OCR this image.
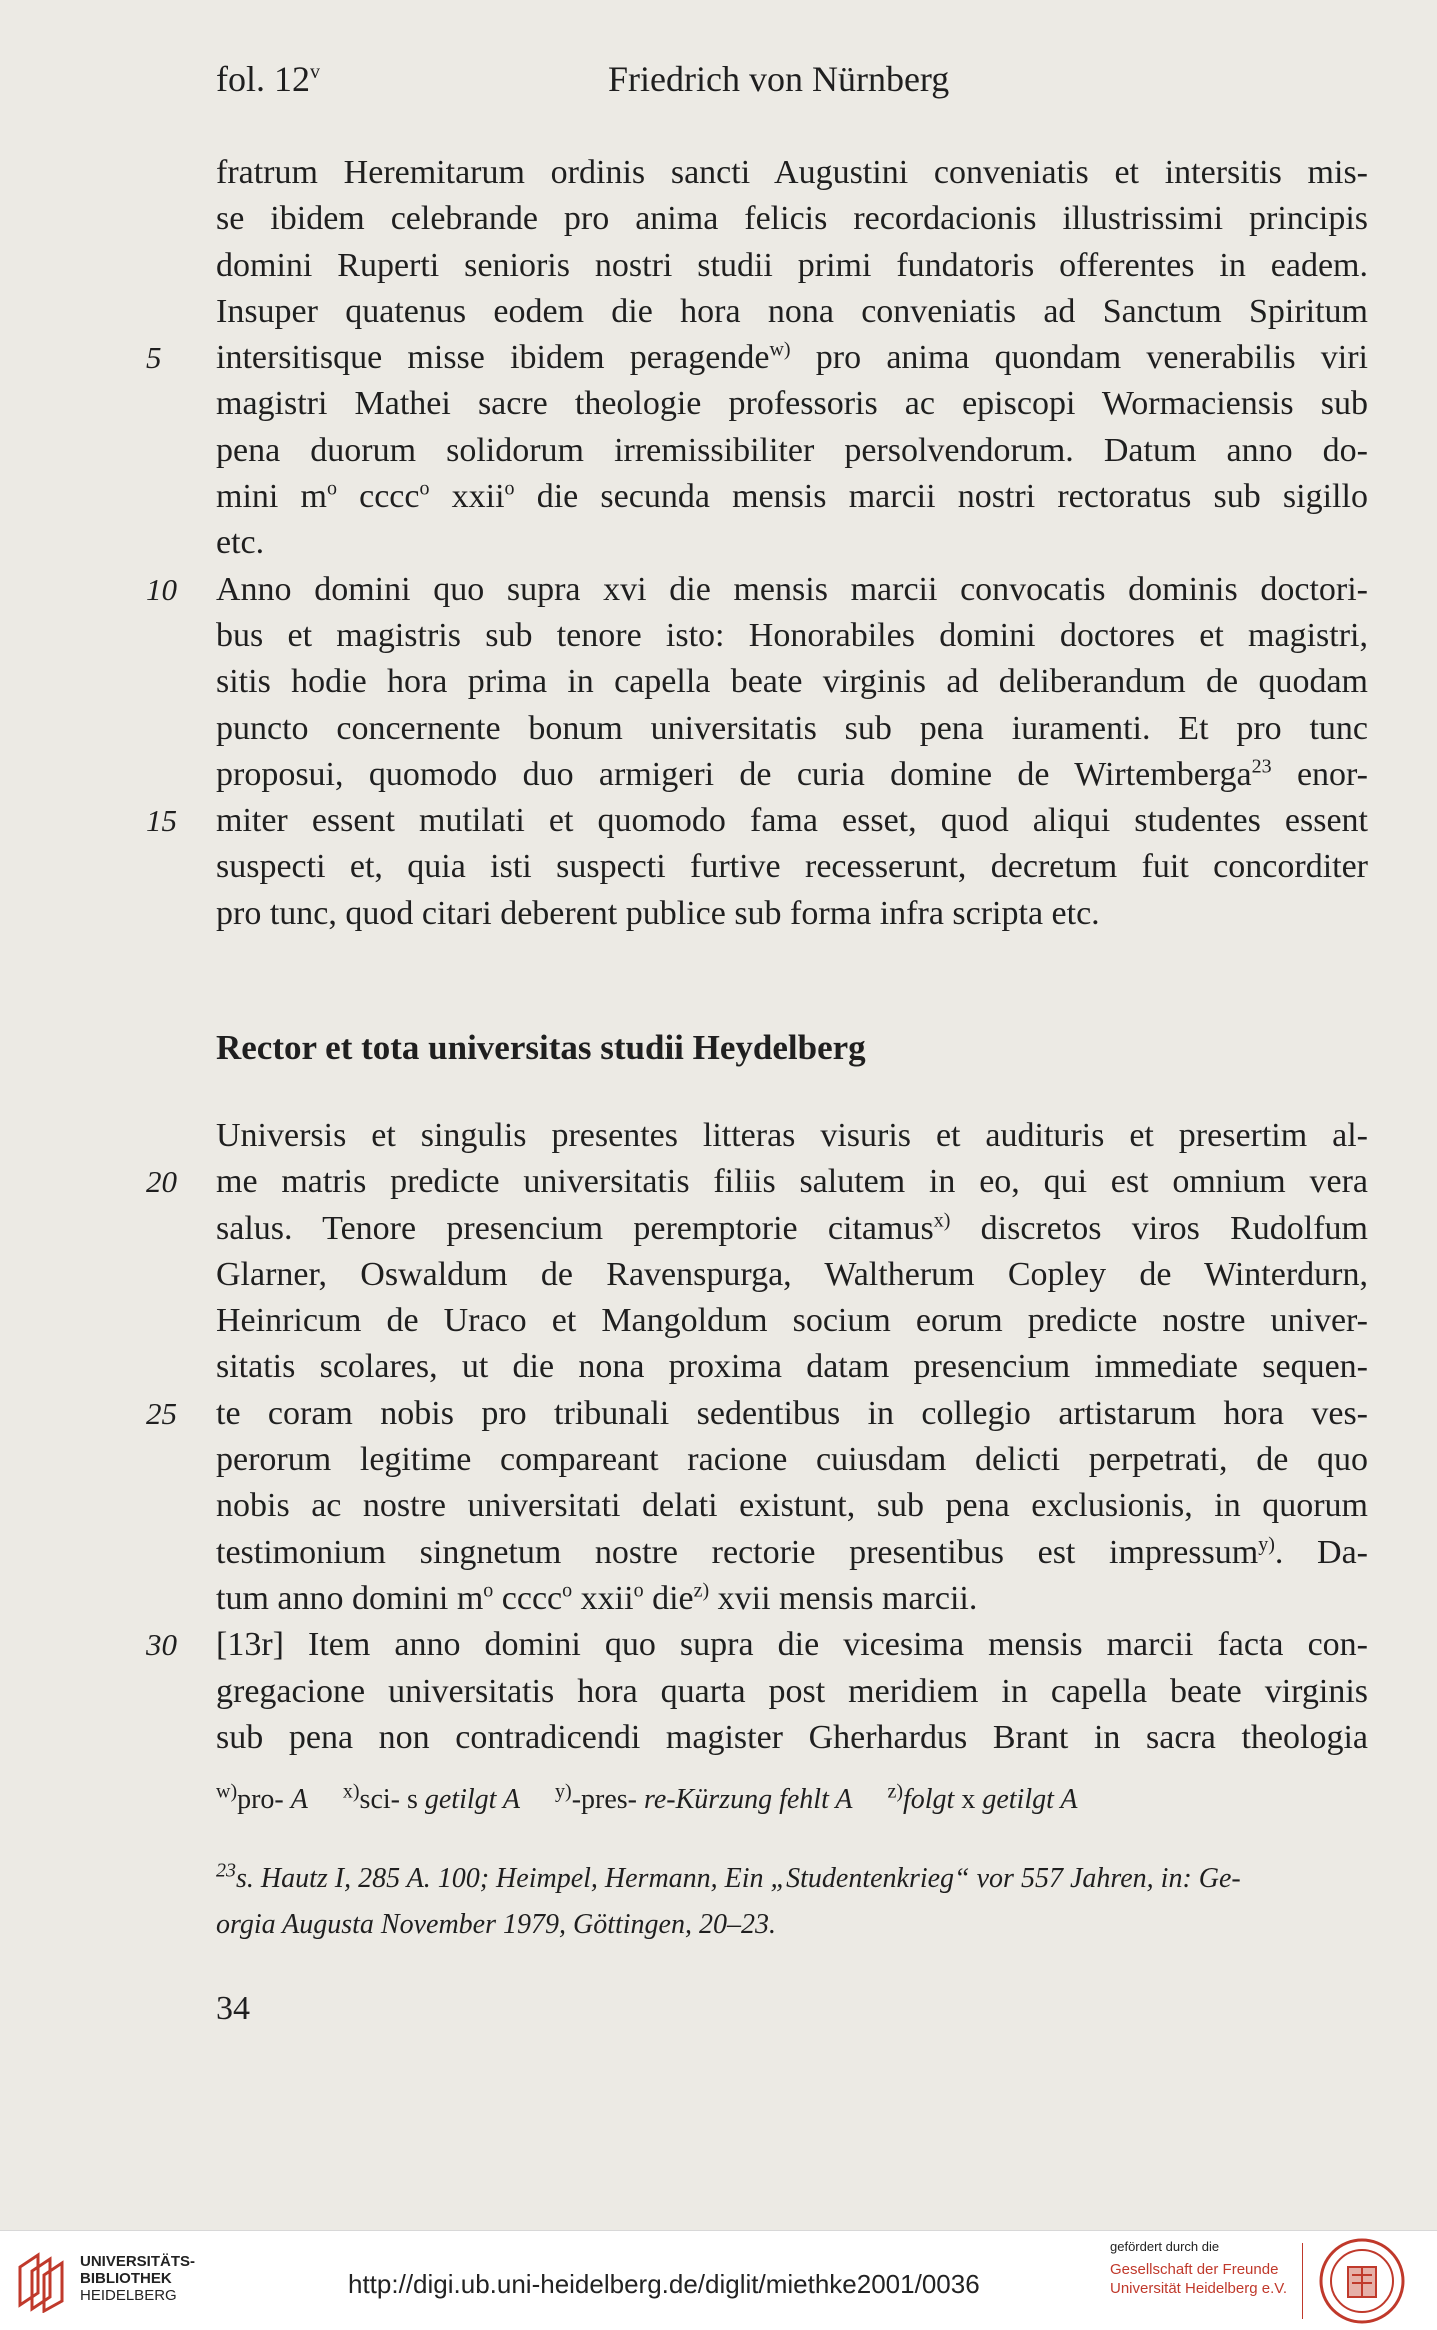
fol. 12$^v$	Friedrich von Nürnberg
fratrum Heremitarum ordinis sancti Augustini conveniatis et intersitis mis-
se ibidem celebrande pro anima felicis recordacionis illustrissimi principis
domini Ruperti senioris nostri studii primi fundatoris offerentes in eadem.
Insuper quatenus eodem die hora nona conveniatis ad Sanctum Spiritum
intersitisque misse ibidem peragende$^{w)}$ pro anima quondam venerabilis viri
5
magistri Mathei sacre theologie professoris ac episcopi Wormaciensis sub
pena duorum solidorum irremissibiliter persolvendorum. Datum anno do-
mini $m^o$ cccc$^o$ xxii$^o$ die secunda mensis marcii nostri rectoratus sub sigillo
etc.
Anno domini quo supra xvi die mensis marcii convocatis dominis doctori-
10
bus et magistris sub tenore isto: Honorabiles domini doctores et magistri,
sitis hodie hora prima in capella beate virginis ad deliberandum de quodam
puncto concernente bonum universitatis sub pena iuramenti. Et pro tunc
proposui, quomodo duo armigeri de curia domine de Wirtemberga$^{23}$ enor-
miter essent mutilati et quomodo fama esset, quod aliqui studentes essent
15
suspecti et, quia isti suspecti furtive recesserunt, decretum fuit concorditer
pro tunc, quod citari deberent publice sub forma infra scripta etc.
Rector et tota universitas studii Heydelberg
Universis et singulis presentes litteras visuris et audituris et presertim al-
me matris predicte universitatis filiis salutem in eo, qui est omnium vera
20
salus. Tenore presencium peremptorie citamus$^{x)}$ discretos viros Rudolfum
Glarner, Oswaldum de Ravenspurga, Waltherum Copley de Winterdurn,
Heinricum de Uraco et Mangoldum socium eorum predicte nostre univer-
sitatis scolares, ut die nona proxima datam presencium immediate sequen-
te coram nobis pro tribunali sedentibus in collegio artistarum hora ves-
25
perorum legitime compareant racione cuiusdam delicti perpetrati, de quo
nobis ac nostre universitati delati existunt, sub pena exclusionis, in quorum
testimonium singnetum nostre rectorie presentibus est impressum$^{y)}$. Da-
tum anno domini $m^o$ cccc$^o$ xxii$^o$ die$^{z)}$ xvii mensis marcii.
[13r] Item anno domini quo supra die vicesima mensis marcii facta con-
30
gregacione universitatis hora quarta post meridiem in capella beate virginis
sub pena non contradicendi magister Gherhardus Brant in sacra theologia
$^{w)}$pro- A $^{x)}$sci- s getilgt A $^{y)}$-pres- re-Kürzung fehlt A $^{z)}$folgt x getilgt A
$^{23}$s. Hautz I, 285 A. 100; Heimpel, Hermann, Ein „Studentenkrieg“ vor 557 Jahren, in: Ge-
orgia Augusta November 1979, Göttingen, 20–23.
34
UNIVERSITÄTS-
BIBLIOTHEK
HEIDELBERG	http://digi.ub.uni-heidelberg.de/diglit/miethke2001/0036
gefördert durch die
Gesellschaft der Freunde
Universität Heidelberg e.V.
